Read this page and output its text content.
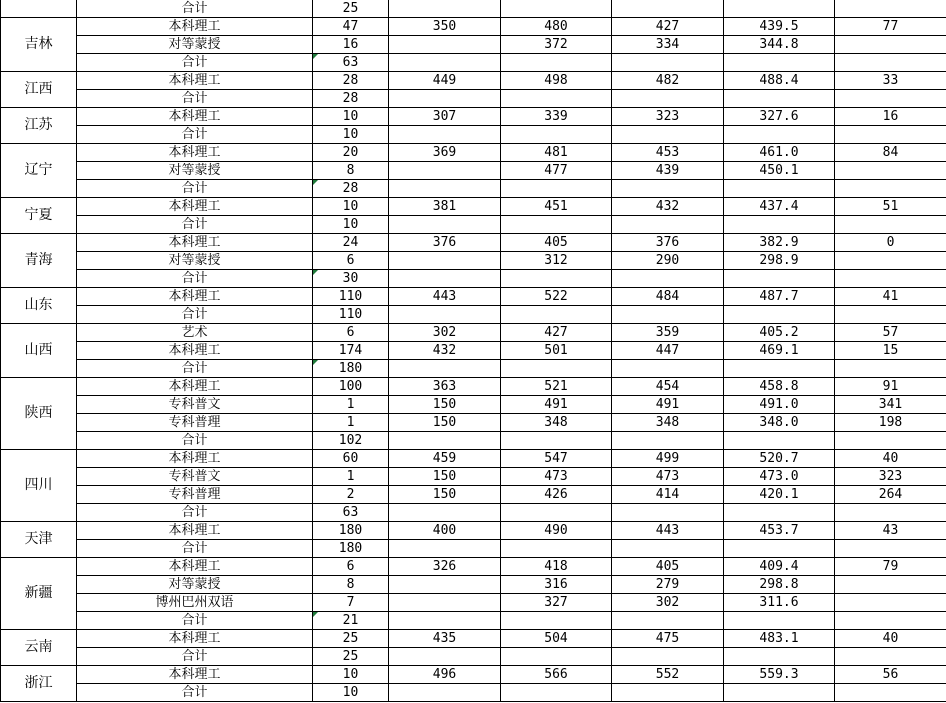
	合计	25					
吉林	本科理工	47	350	480	427	439.5	77
	对等蒙授	16		372	334	344.8	
	合计	63					
江西	本科理工	28	449	498	482	488.4	33
	合计	28					
江苏	本科理工	10	307	339	323	327.6	16
	合计	10					
辽宁	本科理工	20	369	481	453	461.0	84
	对等蒙授	8		477	439	450.1	
	合计	28					
宁夏	本科理工	10	381	451	432	437.4	51
	合计	10					
青海	本科理工	24	376	405	376	382.9	0
	对等蒙授	6		312	290	298.9	
	合计	30					
山东	本科理工	110	443	522	484	487.7	41
	合计	110					
山西	艺术	6	302	427	359	405.2	57
	本科理工	174	432	501	447	469.1	15
	合计	180					
陕西	本科理工	100	363	521	454	458.8	91
	专科普文	1	150	491	491	491.0	341
	专科普理	1	150	348	348	348.0	198
	合计	102					
四川	本科理工	60	459	547	499	520.7	40
	专科普文	1	150	473	473	473.0	323
	专科普理	2	150	426	414	420.1	264
	合计	63					
天津	本科理工	180	400	490	443	453.7	43
	合计	180					
新疆	本科理工	6	326	418	405	409.4	79
	对等蒙授	8		316	279	298.8	
	博州巴州双语	7		327	302	311.6	
	合计	21					
云南	本科理工	25	435	504	475	483.1	40
	合计	25					
浙江	本科理工	10	496	566	552	559.3	56
	合计	10					
